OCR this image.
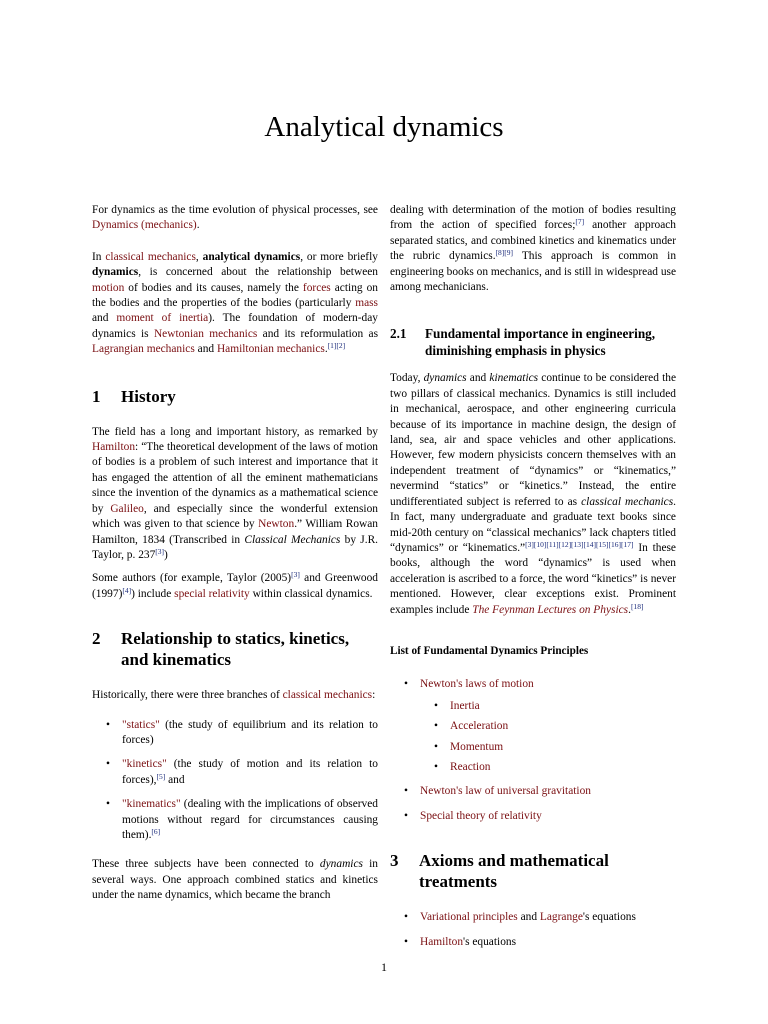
Analytical dynamics

For dynamics as the time evolution of physical processes, see Dynamics (mechanics).

In classical mechanics, analytical dynamics, or more briefly dynamics, is concerned about the relationship between motion of bodies and its causes, namely the forces acting on the bodies and the properties of the bodies (particularly mass and moment of inertia). The foundation of modern-day dynamics is Newtonian mechanics and its reformulation as Lagrangian mechanics and Hamiltonian mechanics.[1][2]

1	History

The field has a long and important history, as remarked by Hamilton: “The theoretical development of the laws of motion of bodies is a problem of such interest and importance that it has engaged the attention of all the eminent mathematicians since the invention of the dynamics as a mathematical science by Galileo, and especially since the wonderful extension which was given to that science by Newton.” William Rowan Hamilton, 1834 (Transcribed in Classical Mechanics by J.R. Taylor, p. 237[3])

Some authors (for example, Taylor (2005)[3] and Greenwood (1997)[4]) include special relativity within classical dynamics.

2	Relationship to statics, kinetics, and kinematics

Historically, there were three branches of classical mechanics:

• "statics" (the study of equilibrium and its relation to forces)
• "kinetics" (the study of motion and its relation to forces),[5] and
• "kinematics" (dealing with the implications of observed motions without regard for circumstances causing them).[6]

These three subjects have been connected to dynamics in several ways. One approach combined statics and kinetics under the name dynamics, which became the branch

dealing with determination of the motion of bodies resulting from the action of specified forces;[7] another approach separated statics, and combined kinetics and kinematics under the rubric dynamics.[8][9] This approach is common in engineering books on mechanics, and is still in widespread use among mechanicians.

2.1	Fundamental importance in engineering, diminishing emphasis in physics

Today, dynamics and kinematics continue to be considered the two pillars of classical mechanics. Dynamics is still included in mechanical, aerospace, and other engineering curricula because of its importance in machine design, the design of land, sea, air and space vehicles and other applications. However, few modern physicists concern themselves with an independent treatment of “dynamics” or “kinematics,” nevermind “statics” or “kinetics.” Instead, the entire undifferentiated subject is referred to as classical mechanics. In fact, many undergraduate and graduate text books since mid-20th century on “classical mechanics” lack chapters titled “dynamics” or “kinematics.”[3][10][11][12][13][14][15][16][17] In these books, although the word “dynamics” is used when acceleration is ascribed to a force, the word “kinetics” is never mentioned. However, clear exceptions exist. Prominent examples include The Feynman Lectures on Physics.[18]

List of Fundamental Dynamics Principles
• Newton's laws of motion
• Inertia
• Acceleration
• Momentum
• Reaction
• Newton's law of universal gravitation
• Special theory of relativity
3	Axioms and mathematical treatments
• Variational principles and Lagrange's equations
• Hamilton's equations
1
